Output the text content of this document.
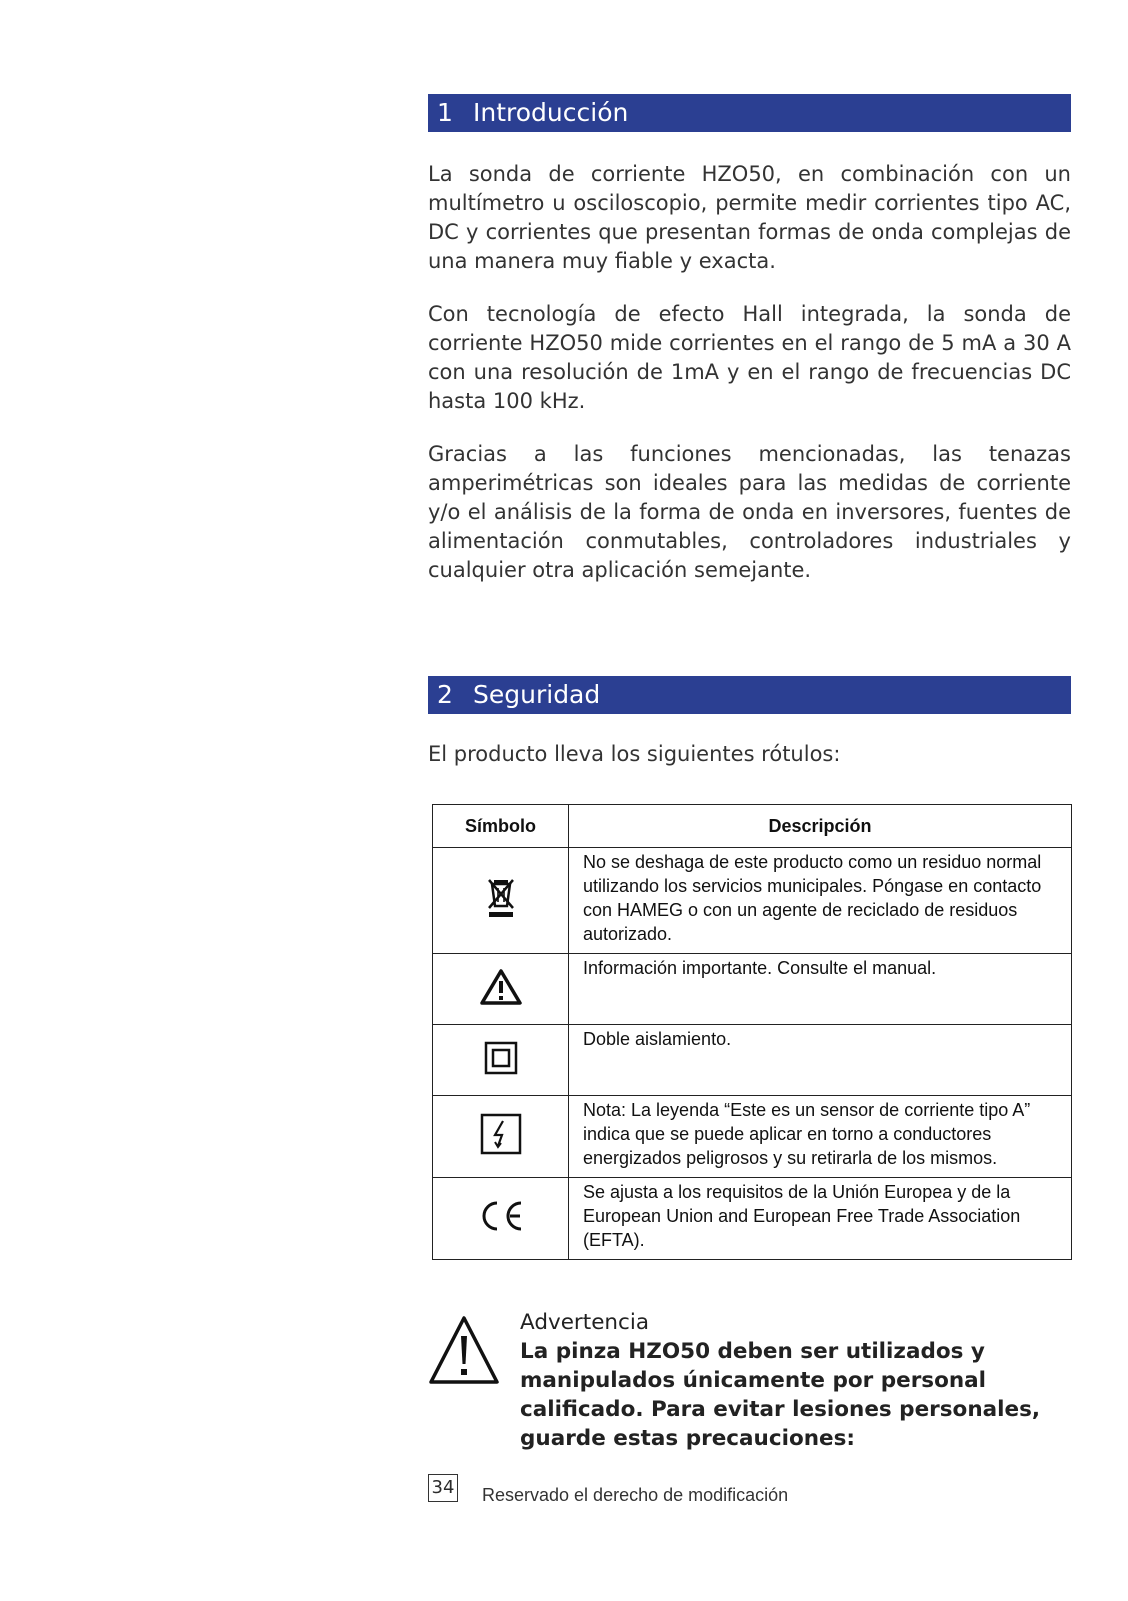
1 Introducción

La sonda de corriente HZO50, en combinación con un multímetro u osciloscopio, permite medir corrientes tipo AC, DC y corrientes que presentan formas de onda complejas de una manera muy fiable y exacta.

Con tecnología de efecto Hall integrada, la sonda de corriente HZO50 mide corrientes en el rango de 5 mA a 30 A con una resolución de 1mA y en el rango de frecuencias DC hasta 100 kHz.

Gracias a las funciones mencionadas, las tenazas amperimétricas son ideales para las medidas de corriente y/o el análisis de la forma de onda en inversores, fuentes de alimentación conmutables, controladores industriales y cualquier otra aplicación semejante.

2 Seguridad

El producto lleva los siguientes rótulos:

Símbolo	Descripción
	No se deshaga de este producto como un residuo normal utilizando los servicios municipales. Póngase en contacto con HAMEG o con un agente de reciclado de residuos autorizado.
	Información importante. Consulte el manual.
	Doble aislamiento.
	Nota: La leyenda “Este es un sensor de corriente tipo A” indica que se puede aplicar en torno a conductores energizados peligrosos y su retirarla de los mismos.
	Se ajusta a los requisitos de la Unión Europea y de la European Union and European Free Trade Association (EFTA).
Advertencia
La pinza HZO50 deben ser utilizados y manipulados únicamente por personal calificado. Para evitar lesiones personales, guarde estas precauciones:
34 Reservado el derecho de modificación
